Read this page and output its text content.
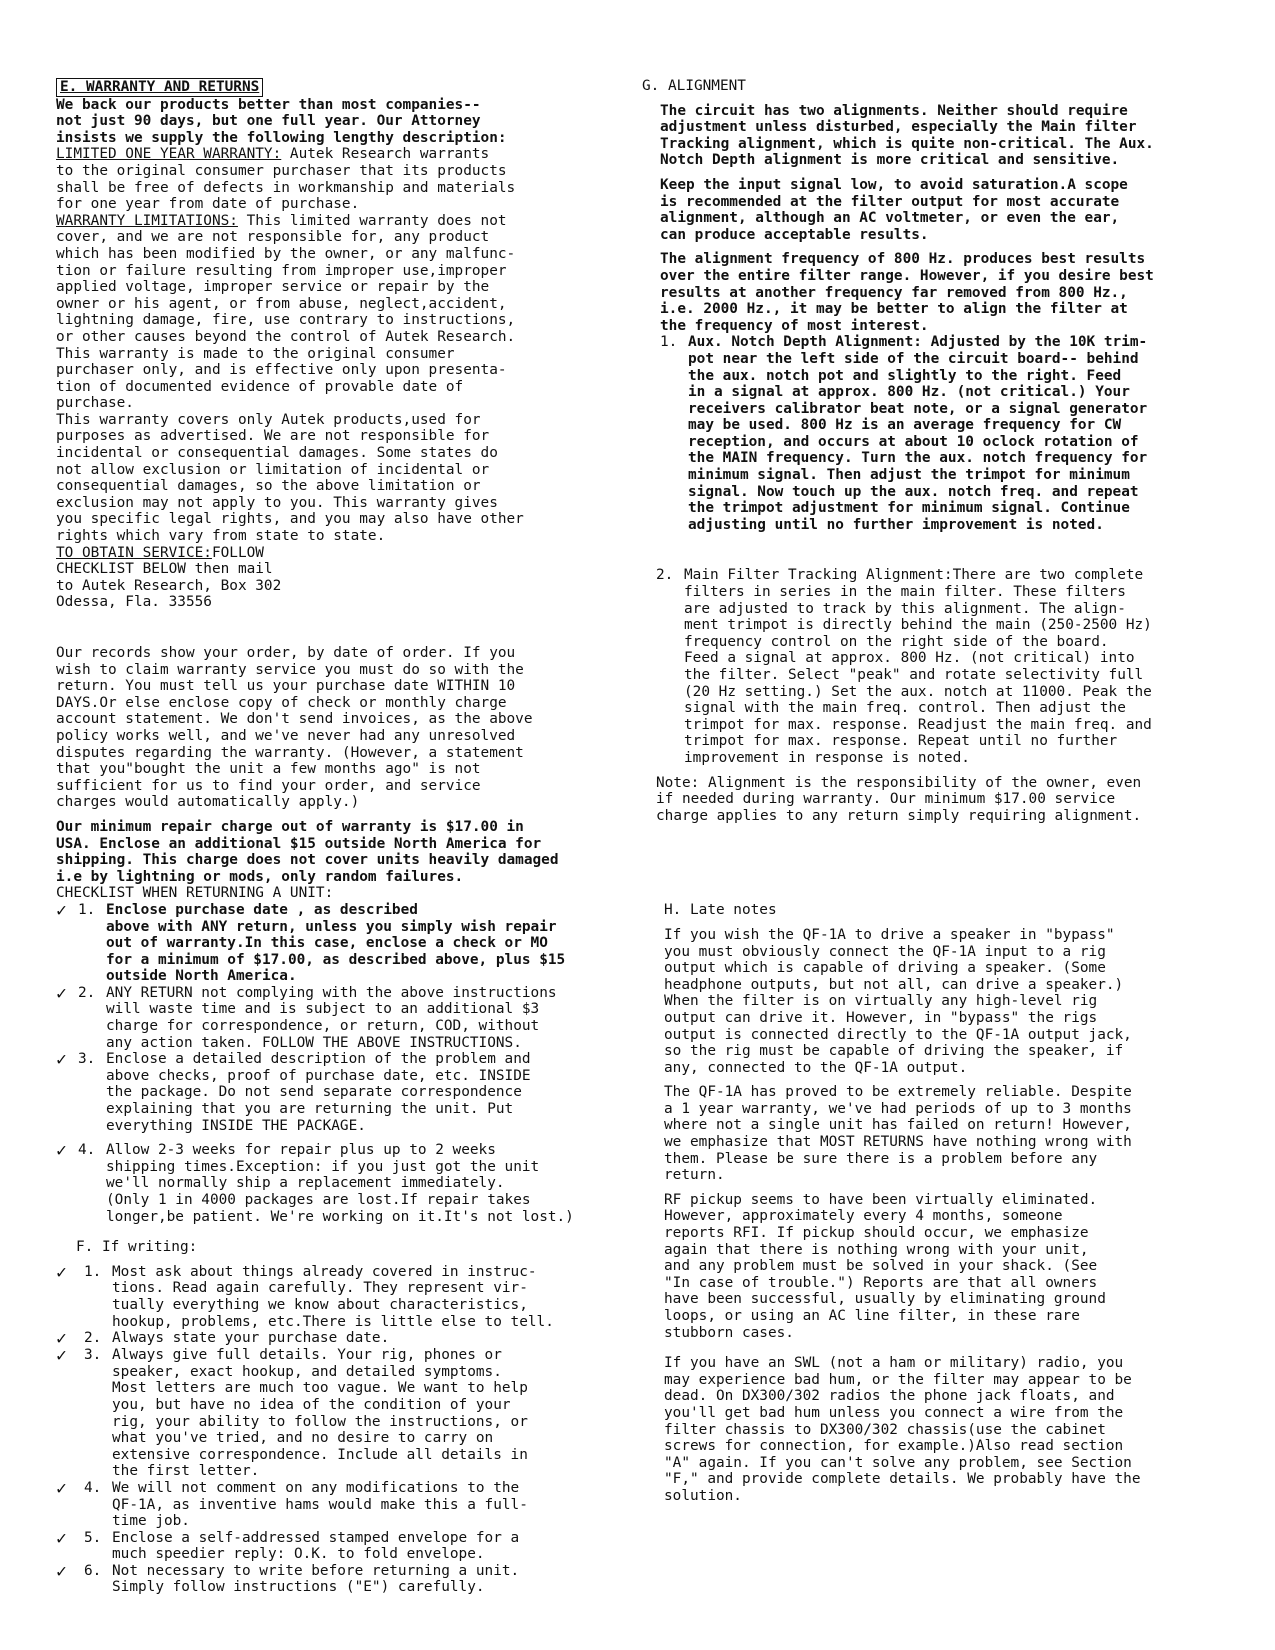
E. WARRANTY AND RETURNS

We back our products better than most companies--
not just 90 days, but one full year. Our Attorney
insists we supply the following lengthy description:

LIMITED ONE YEAR WARRANTY: Autek Research warrants
to the original consumer purchaser that its products
shall be free of defects in workmanship and materials
for one year from date of purchase.

WARRANTY LIMITATIONS: This limited warranty does not
cover, and we are not responsible for, any product
which has been modified by the owner, or any malfunc-
tion or failure resulting from improper use,improper
applied voltage, improper service or repair by the
owner or his agent, or from abuse, neglect,accident,
lightning damage, fire, use contrary to instructions,
or other causes beyond the control of Autek Research.
This warranty is made to the original consumer
purchaser only, and is effective only upon presenta-
tion of documented evidence of provable date of
purchase.

This warranty covers only Autek products,used for
purposes as advertised. We are not responsible for
incidental or consequential damages. Some states do
not allow exclusion or limitation of incidental or
consequential damages, so the above limitation or
exclusion may not apply to you. This warranty gives
you specific legal rights, and you may also have other
rights which vary from state to state.

TO OBTAIN SERVICE:FOLLOW
CHECKLIST BELOW then mail
to Autek Research, Box 302
Odessa, Fla. 33556

Our records show your order, by date of order. If you
wish to claim warranty service you must do so with the
return. You must tell us your purchase date WITHIN 10
DAYS.Or else enclose copy of check or monthly charge
account statement. We don't send invoices, as the above
policy works well, and we've never had any unresolved
disputes regarding the warranty. (However, a statement
that you"bought the unit a few months ago" is not
sufficient for us to find your order, and service
charges would automatically apply.)

Our minimum repair charge out of warranty is $17.00 in
USA. Enclose an additional $15 outside North America for
shipping. This charge does not cover units heavily damaged
i.e by lightning or mods, only random failures.

CHECKLIST WHEN RETURNING A UNIT:

✓ 1. Enclose purchase date , as described
above with ANY return, unless you simply wish repair
out of warranty.In this case, enclose a check or MO
for a minimum of $17.00, as described above, plus $15
outside North America.
✓ 2. ANY RETURN not complying with the above instructions
will waste time and is subject to an additional $3
charge for correspondence, or return, COD, without
any action taken. FOLLOW THE ABOVE INSTRUCTIONS.
✓ 3. Enclose a detailed description of the problem and
above checks, proof of purchase date, etc. INSIDE
the package. Do not send separate correspondence
explaining that you are returning the unit. Put
everything INSIDE THE PACKAGE.
✓ 4. Allow 2-3 weeks for repair plus up to 2 weeks
shipping times.Exception: if you just got the unit
we'll normally ship a replacement immediately.
(Only 1 in 4000 packages are lost.If repair takes
longer,be patient. We're working on it.It's not lost.)

F. If writing:

✓	1. Most ask about things already covered in instruc-
tions. Read again carefully. They represent vir-
tually everything we know about characteristics,
hookup, problems, etc.There is little else to tell.
✓	2. Always state your purchase date.
✓	3. Always give full details. Your rig, phones or
speaker, exact hookup, and detailed symptoms.
Most letters are much too vague. We want to help
you, but have no idea of the condition of your
rig, your ability to follow the instructions, or
what you've tried, and no desire to carry on
extensive correspondence. Include all details in
the first letter.
✓	4. We will not comment on any modifications to the
QF-1A, as inventive hams would make this a full-
time job.
✓	5. Enclose a self-addressed stamped envelope for a
much speedier reply: O.K. to fold envelope.
✓	6. Not necessary to write before returning a unit.
Simply follow instructions ("E") carefully.

G. ALIGNMENT

The circuit has two alignments. Neither should require
adjustment unless disturbed, especially the Main filter
Tracking alignment, which is quite non-critical. The Aux.
Notch Depth alignment is more critical and sensitive.

Keep the input signal low, to avoid saturation.A scope
is recommended at the filter output for most accurate
alignment, although an AC voltmeter, or even the ear,
can produce acceptable results.

The alignment frequency of 800 Hz. produces best results
over the entire filter range. However, if you desire best
results at another frequency far removed from 800 Hz.,
i.e. 2000 Hz., it may be better to align the filter at
the frequency of most interest.

1. Aux. Notch Depth Alignment: Adjusted by the 10K trim-
pot near the left side of the circuit board-- behind
the aux. notch pot and slightly to the right. Feed
in a signal at approx. 800 Hz. (not critical.) Your
receivers calibrator beat note, or a signal generator
may be used. 800 Hz is an average frequency for CW
reception, and occurs at about 10 oclock rotation of
the MAIN frequency. Turn the aux. notch frequency for
minimum signal. Then adjust the trimpot for minimum
signal. Now touch up the aux. notch freq. and repeat
the trimpot adjustment for minimum signal. Continue
adjusting until no further improvement is noted.
2. Main Filter Tracking Alignment:There are two complete
filters in series in the main filter. These filters
are adjusted to track by this alignment. The align-
ment trimpot is directly behind the main (250-2500 Hz)
frequency control on the right side of the board.
Feed a signal at approx. 800 Hz. (not critical) into
the filter. Select "peak" and rotate selectivity full
(20 Hz setting.) Set the aux. notch at 11000. Peak the
signal with the main freq. control. Then adjust the
trimpot for max. response. Readjust the main freq. and
trimpot for max. response. Repeat until no further
improvement in response is noted.

Note: Alignment is the responsibility of the owner, even
if needed during warranty. Our minimum $17.00 service
charge applies to any return simply requiring alignment.

H. Late notes

If you wish the QF-1A to drive a speaker in "bypass"
you must obviously connect the QF-1A input to a rig
output which is capable of driving a speaker. (Some
headphone outputs, but not all, can drive a speaker.)
When the filter is on virtually any high-level rig
output can drive it. However, in "bypass" the rigs
output is connected directly to the QF-1A output jack,
so the rig must be capable of driving the speaker, if
any, connected to the QF-1A output.

The QF-1A has proved to be extremely reliable. Despite
a 1 year warranty, we've had periods of up to 3 months
where not a single unit has failed on return! However,
we emphasize that MOST RETURNS have nothing wrong with
them. Please be sure there is a problem before any
return.

RF pickup seems to have been virtually eliminated.
However, approximately every 4 months, someone
reports RFI. If pickup should occur, we emphasize
again that there is nothing wrong with your unit,
and any problem must be solved in your shack. (See
"In case of trouble.") Reports are that all owners
have been successful, usually by eliminating ground
loops, or using an AC line filter, in these rare
stubborn cases.

If you have an SWL (not a ham or military) radio, you
may experience bad hum, or the filter may appear to be
dead. On DX300/302 radios the phone jack floats, and
you'll get bad hum unless you connect a wire from the
filter chassis to DX300/302 chassis(use the cabinet
screws for connection, for example.)Also read section
"A" again. If you can't solve any problem, see Section
"F," and provide complete details. We probably have the
solution.
